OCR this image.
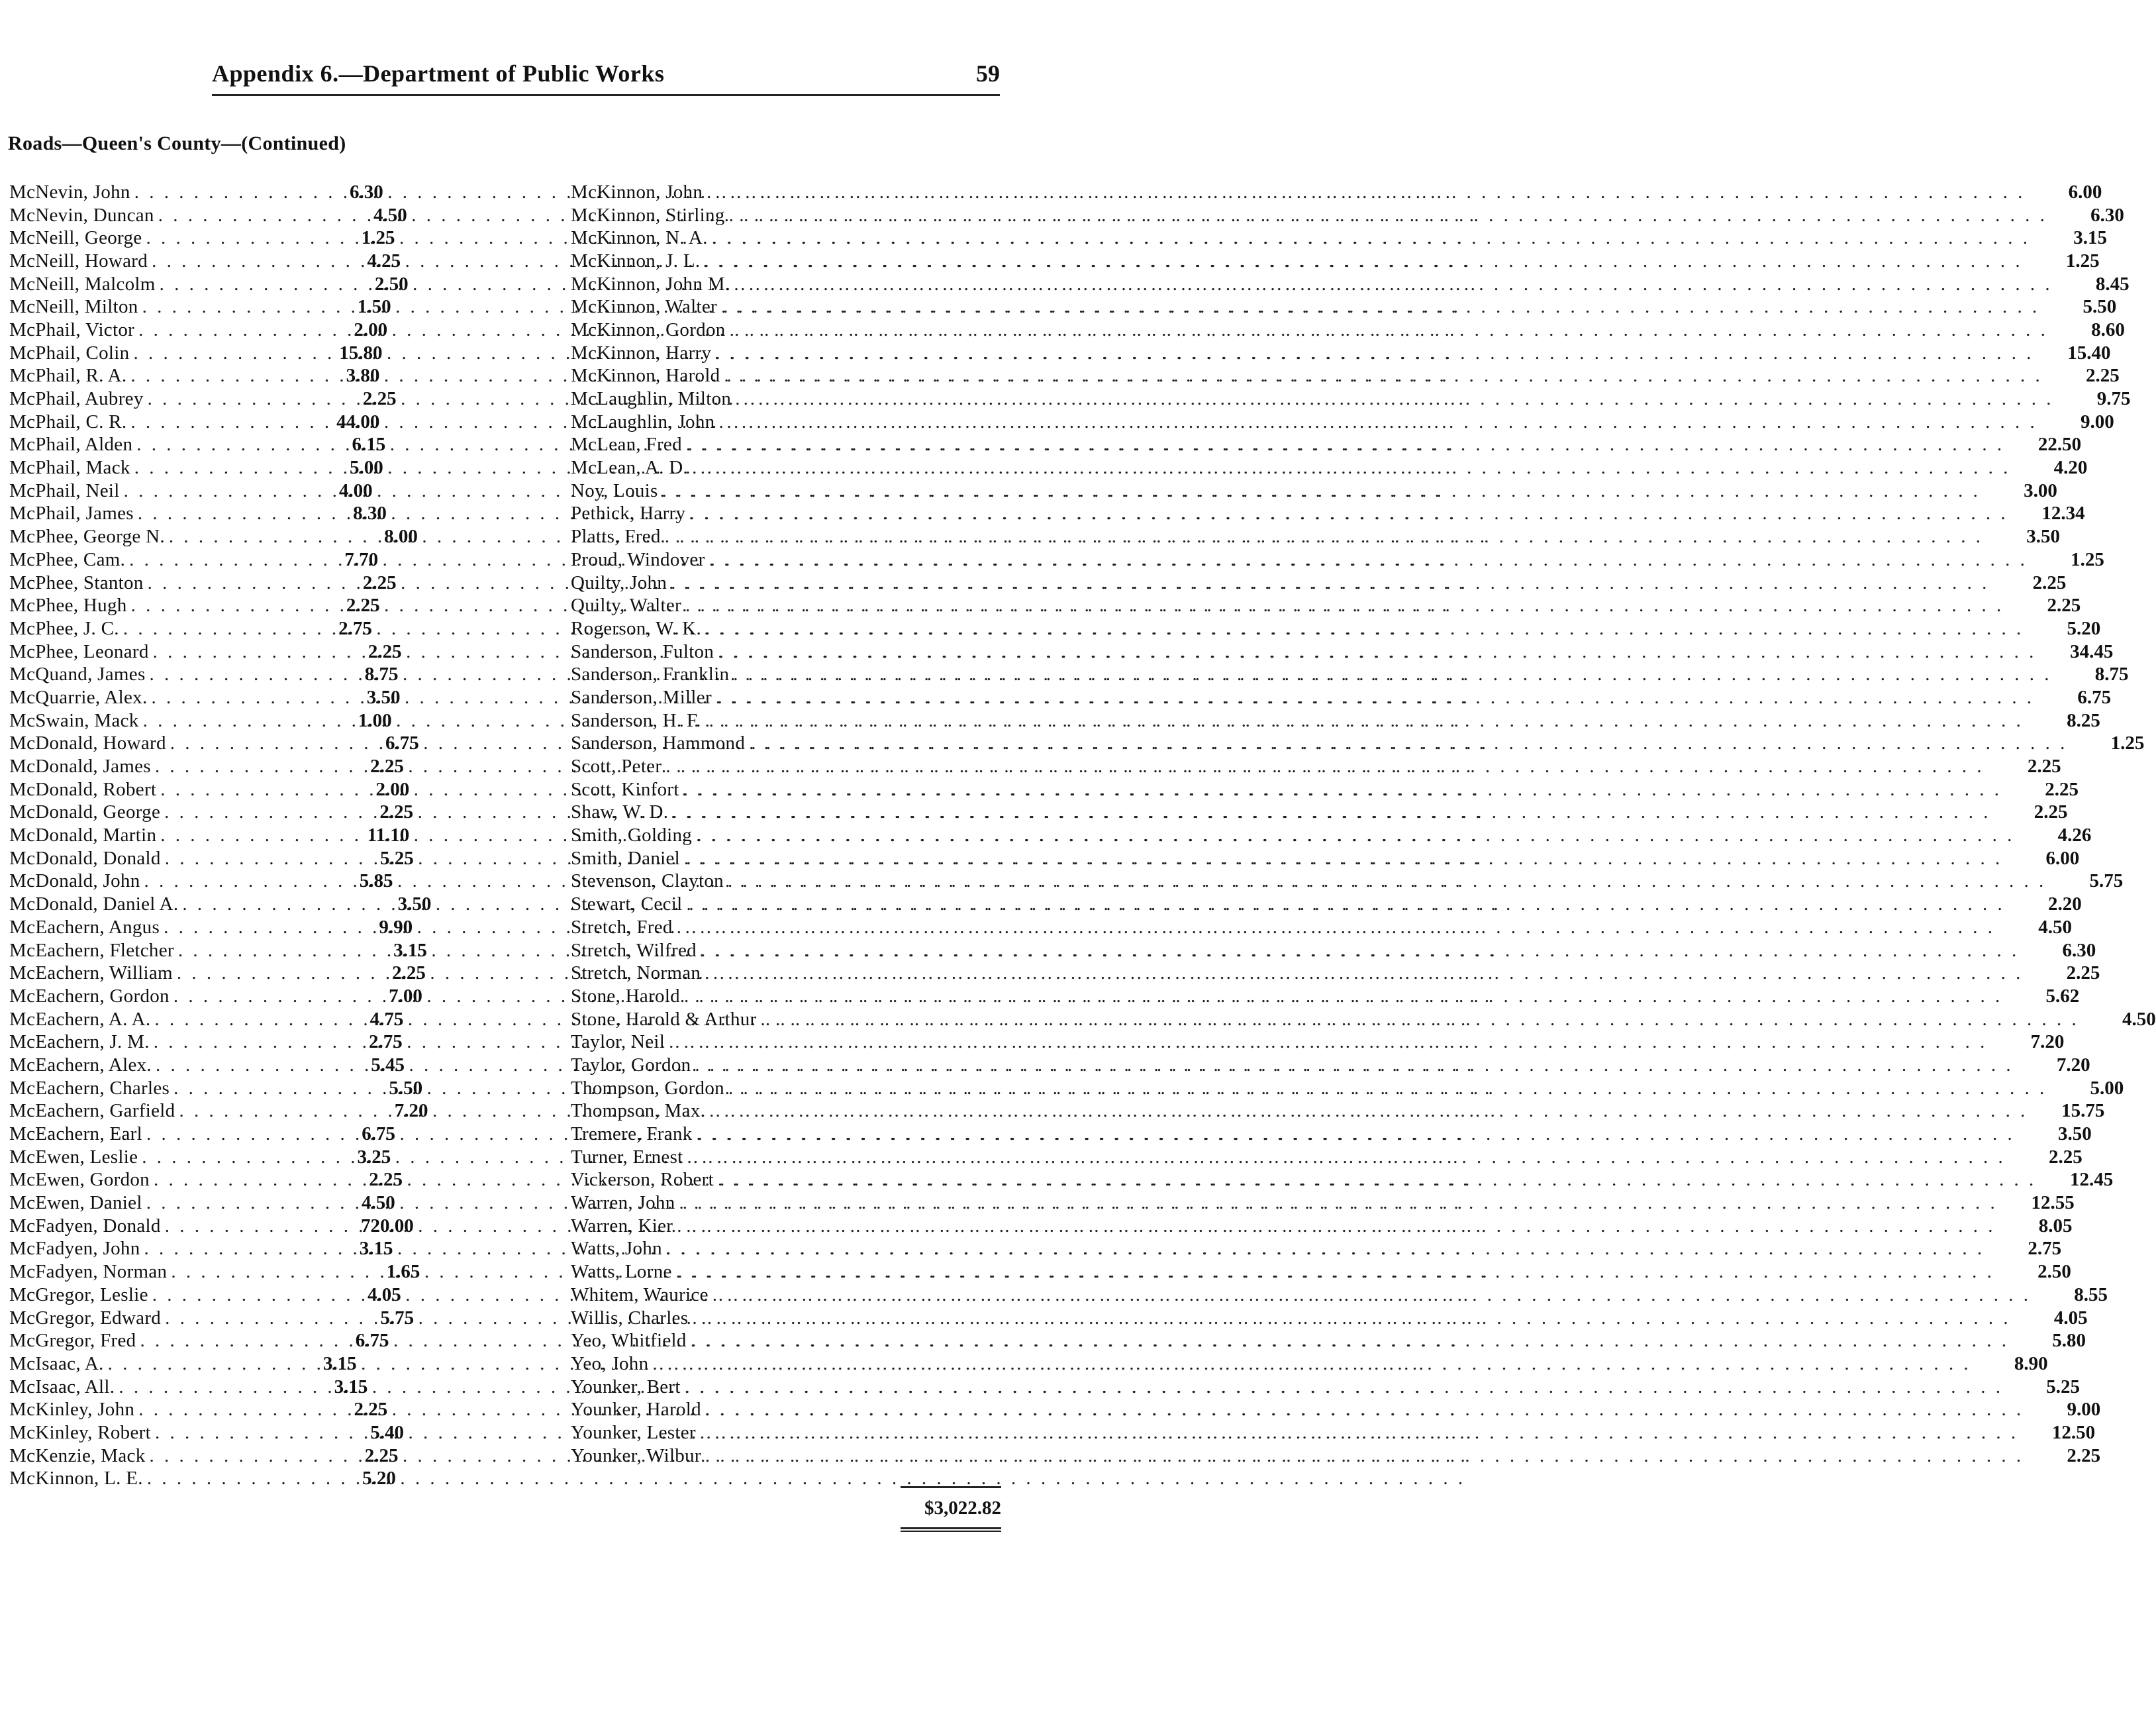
Appendix 6.—Department of Public Works	59
Roads—Queen's County—(Continued)
McNevin, John . . .	6.30
McNevin, Duncan . . .	4.50
McNeill, George . . .	1.25
McNeill, Howard . . .	4.25
McNeill, Malcolm . . .	2.50
McNeill, Milton . . .	1.50
McPhail, Victor . . .	2.00
McPhail, Colin . . .	15.80
McPhail, R. A. . . .	3.80
McPhail, Aubrey . . .	2.25
McPhail, C. R. . . .	44.00
McPhail, Alden . . .	6.15
McPhail, Mack . . .	5.00
McPhail, Neil . . .	4.00
McPhail, James . . .	8.30
McPhee, George N. . . .	8.00
McPhee, Cam. . . .	7.70
McPhee, Stanton . . .	2.25
McPhee, Hugh . . .	2.25
McPhee, J. C. . . .	2.75
McPhee, Leonard . . .	2.25
McQuand, James . . .	8.75
McQuarrie, Alex. . . .	3.50
McSwain, Mack . . .	1.00
McDonald, Howard . . .	6.75
McDonald, James . . .	2.25
McDonald, Robert . . .	2.00
McDonald, George . . .	2.25
McDonald, Martin . . .	11.10
McDonald, Donald . . .	5.25
McDonald, John . . .	5.85
McDonald, Daniel A. . . .	3.50
McEachern, Angus . . .	9.90
McEachern, Fletcher . . .	3.15
McEachern, William . . .	2.25
McEachern, Gordon . . .	7.00
McEachern, A. A. . . .	4.75
McEachern, J. M. . . .	2.75
McEachern, Alex. . . .	5.45
McEachern, Charles . . .	5.50
McEachern, Garfield . . .	7.20
McEachern, Earl . . .	6.75
McEwen, Leslie . . .	3.25
McEwen, Gordon . . .	2.25
McEwen, Daniel . . .	4.50
McFadyen, Donald . . .	720.00
McFadyen, John . . .	3.15
McFadyen, Norman . . .	1.65
McGregor, Leslie . . .	4.05
McGregor, Edward . . .	5.75
McGregor, Fred . . .	6.75
McIsaac, A. . . .	3.15
McIsaac, All. . . .	3.15
McKinley, John . . .	2.25
McKinley, Robert . . .	5.40
McKenzie, Mack . . .	2.25
McKinnon, L. E. . . .	5.20
McKinnon, John . . .	6.00
McKinnon, Stirling . . .	6.30
McKinnon, N. A. . . .	3.15
McKinnon, J. L. . . .	1.25
McKinnon, John M. . . .	8.45
McKinnon, Walter . . .	5.50
McKinnon, Gordon . . .	8.60
McKinnon, Harry . . .	15.40
McKinnon, Harold . . .	2.25
McLaughlin, Milton . . .	9.75
McLaughlin, John . . .	9.00
McLean, Fred . . .	22.50
McLean, A. D. . . .	4.20
Noy, Louis . . .	3.00
Pethick, Harry . . .	12.34
Platts, Fred . . .	3.50
Proud, Windover . . .	1.25
Quilty, John . . .	2.25
Quilty, Walter . . .	2.25
Rogerson, W. K. . . .	5.20
Sanderson, Fulton . . .	34.45
Sanderson, Franklin . . .	8.75
Sanderson, Miller . . .	6.75
Sanderson, H. F. . . .	8.25
Sanderson, Hammond . . .	1.25
Scott, Peter . . .	2.25
Scott, Kinfort . . .	2.25
Shaw, W. D. . . .	2.25
Smith, Golding . . .	4.26
Smith, Daniel . . .	6.00
Stevenson, Clayton . . .	5.75
Stewart, Cecil . . .	2.20
Stretch, Fred . . .	4.50
Stretch, Wilfred . . .	6.30
Stretch, Norman . . .	2.25
Stone, Harold . . .	5.62
Stone, Harold & Arthur . . .	4.50
Taylor, Neil . . .	7.20
Taylor, Gordon . . .	7.20
Thompson, Gordon . . .	5.00
Thompson, Max. . . .	15.75
Tremere, Frank . . .	3.50
Turner, Ernest . . .	2.25
Vickerson, Robert . . .	12.45
Warren, John . . .	12.55
Warren, Kier . . .	8.05
Watts, John . . .	2.75
Watts, Lorne . . .	2.50
Whitem, Waurice . . .	8.55
Willis, Charles . . .	4.05
Yeo, Whitfield . . .	5.80
Yeo, John . . .	8.90
Younker, Bert . . .	5.25
Younker, Harold . . .	9.00
Younker, Lester . . .	12.50
Younker, Wilbur . . .	2.25
$3,022.82
